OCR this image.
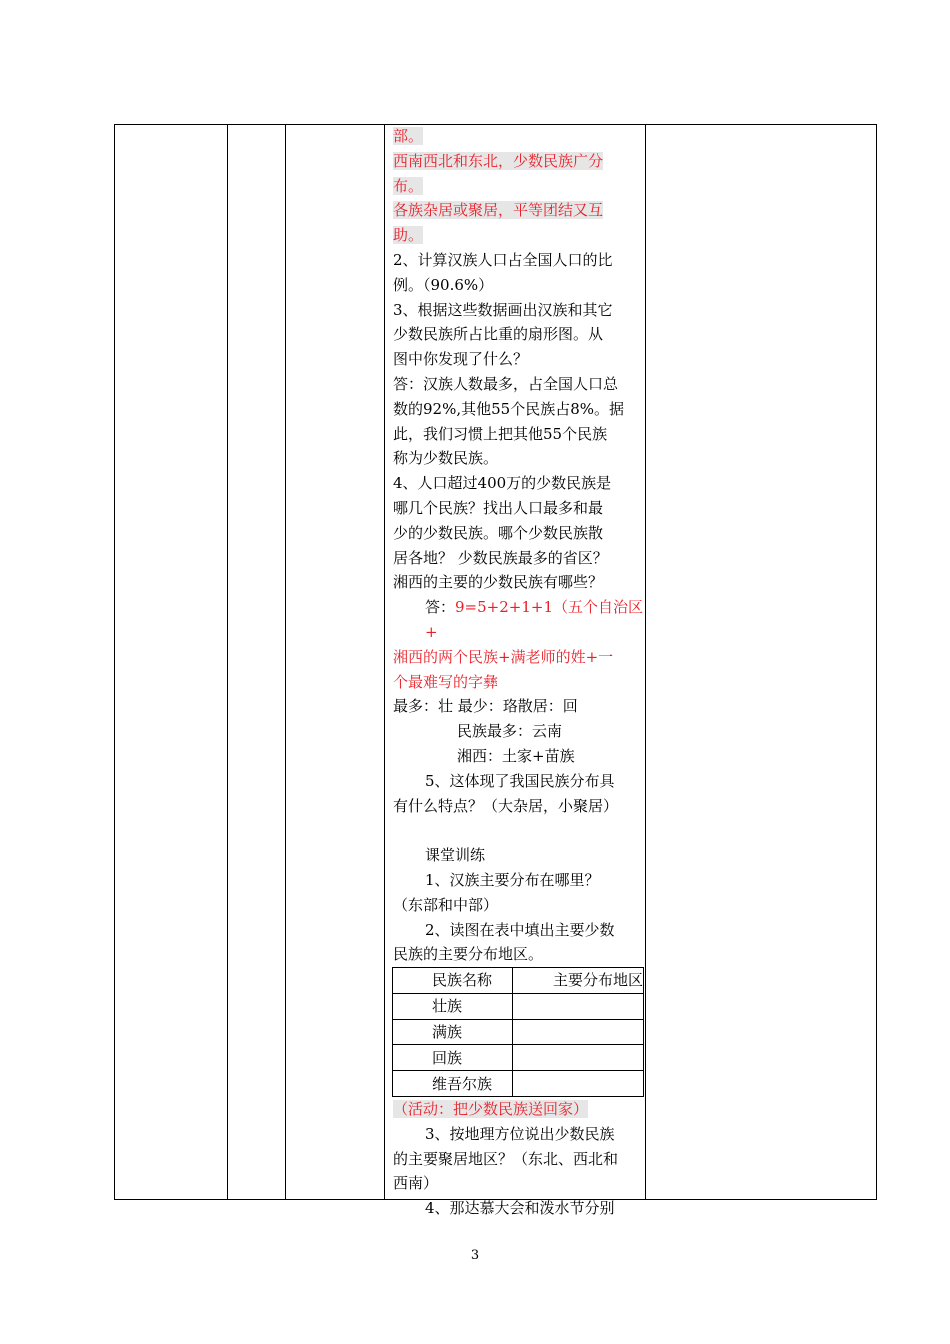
部。

西南西北和东北，少数民族广分

布。

各族杂居或聚居，平等团结又互

助。

2、计算汉族人口占全国人口的比

例。（90.6%）

3、根据这些数据画出汉族和其它

少数民族所占比重的扇形图。从

图中你发现了什么？

答：汉族人数最多，占全国人口总

数的92%,其他55个民族占8%。据

此，我们习惯上把其他55个民族

称为少数民族。

4、人口超过400万的少数民族是

哪几个民族？找出人口最多和最

少的少数民族。哪个少数民族散

居各地？ 少数民族最多的省区？

湘西的主要的少数民族有哪些？

答：9=5+2+1+1（五个自治区+

湘西的两个民族+满老师的姓+一

个最难写的字彝

最多：壮 最少：珞散居：回

民族最多：云南

湘西：土家+苗族

5、这体现了我国民族分布具

有什么特点？（大杂居，小聚居）

课堂训练

1、汉族主要分布在哪里？

（东部和中部）

2、读图在表中填出主要少数

民族的主要分布地区。

民族名称	主要分布地区
壮族	
满族	
回族	
维吾尔族	

（活动：把少数民族送回家）

3、按地理方位说出少数民族

的主要聚居地区？（东北、西北和

西南）

4、那达慕大会和泼水节分别

3
